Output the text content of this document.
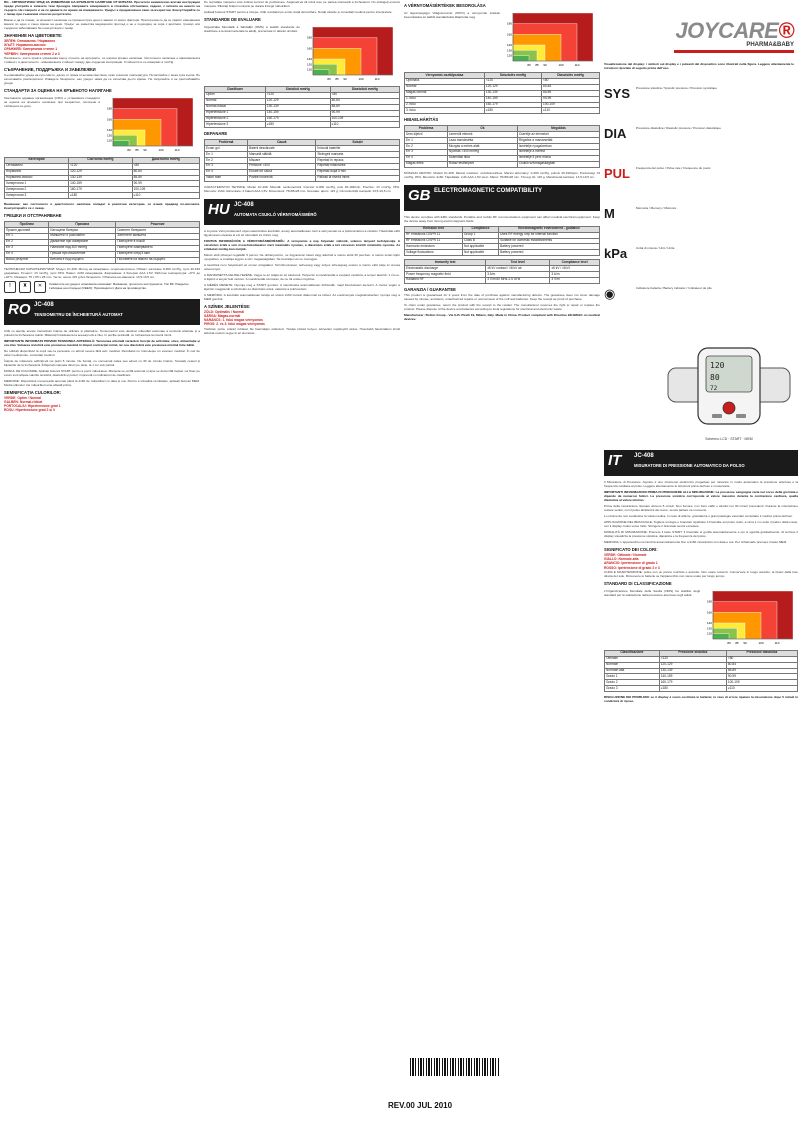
BG - АВТОМАТИЧЕН УРЕД ЗА ИЗМЕРВАНЕ НА КРЪВНОТО НАЛЯГАНЕ ОТ КИТКАТА. Прочетете внимателно всички инструкции преди употреба и запазете тази брошура. Направете измерването в спокойна обстановка, седнал, с китката на нивото на сърцето. Не говорете и не се движете по време на измерването. Уредът е предназначен само за възрастни. Консултирайте се с лекар при съмнения относно резултатите.

Важно е да се помни, че кръвното налягане се променя през деня и зависи от много фактори. Препоръчва се да се правят измервания винаги по едно и също време на деня. Уредът не замества медицински преглед и не е подходящ за хора с аритмия, тремор или сърдечни заболявания без консултация с лекар.

ЗНАЧЕНИЕ НА ЦВЕТОВЕТЕ:

ЗЕЛЕН: Оптимално / Нормално

ЖЪЛТ: Нормално-високо

ОРАНЖЕВ: Хипертония степен 1

ЧЕРВЕН: Хипертония степен 2 и 3

Налягането, което кръвта упражнява върху стените на артериите, се нарича кръвно налягане. Систолното налягане е максималната стойност, а диастолното - минималната стойност между две сърдечни контракции. Стойностите се измерват в mmHg.

СЪХРАНЕНИЕ, ПОДДРЪЖКА И ЗАБЕЛЕЖКИ

Съхранявайте уреда на сухо място, далеч от пряка слънчева светлина, прах и високи температури. Почиствайте с мека суха кърпа. Не използвайте разтворители. Извадете батериите, ако уредът няма да се използва дълго време. Не изпускайте и не разглобявайте уреда.

СТАНДАРТИ ЗА ОЦЕНКА НА КРЪВНОТО НАЛЯГАНЕ

Световната здравна организация (СЗО) е установила стандарти за оценка на кръвното налягане при възрастни, посочени в таблицата по-долу.

80 85 90	100	110
120
130
140
160
180
Категория	Систолно mmHg	Диастолно mmHg
Оптимално	<120	<80
Нормално	120-129	80-84
Нормално-високо	130-139	85-89
Хипертония 1	140-159	90-99
Хипертония 2	160-179	100-109
Хипертония 3	≥180	≥110

Внимание: ако систолното и диастолното налягане попадат в различни категории, се взема предвид по-високата. Консултирайте се с лекар.

ГРЕШКИ И ОТСТРАНЯВАНЕ
Проблем	Причина	Решение
Празен дисплей	Изтощени батерии	Сменете батериите
Err 1	Маншетът е разхлабен	Затегнете маншета
Err 2	Движение при измерване	Повторете в покой
Err 3	Налягане над 300 mmHg	Повторете измерването
Err 4	Грешка при изчисление	Повторете след 5 мин
Висок резултат	Китката е под сърцето	Поставете на нивото на сърцето

ТЕХНИЧЕСКИ ХАРАКТЕРИСТИКИ: Модел JC-408. Метод на измерване: осцилометричен. Обхват: налягане 0-300 mmHg, пулс 40-199 удара/мин. Точност: ±3 mmHg, пулс ±5%. Памет: 2x60 измервания. Захранване: 2 батерии AAA 1,5V. Работна температура: +5°C до +40°C. Размери: 75 x 65 x 28 mm. Тегло: около 115 g без батериите. Обиколка на маншета: 13,5-19,5 cm.

!	♜	✕	Символите на уреда и опаковката означават: Внимание, прочетете инструкциите; Тип BF; Разделно събиране на отпадъци (ОЕЕО); Производител; Дата на производство.
RO JC-408
TENSIOMETRU DE ÎNCHEIETURĂ AUTOMAT

Citiți cu atenție aceste instrucțiuni înainte de utilizare și păstrați-le. Tensiometrul este destinat măsurării automate a tensiunii arteriale și a pulsului la încheietura mâinii. Măsurați întotdeauna la aceeași oră a zilei, în poziție șezândă, cu încheietura la nivelul inimii.

IMPORTANTE INFORMAȚII PRIVIND TENSIUNEA ARTERIALĂ: Tensiunea arterială variază în funcție de activitate, stres, alimentație și ora zilei. Valoarea sistolică este presiunea maximă în timpul contracției inimii, iar cea diastolică este presiunea minimă între bătăi.

Nu utilizați dispozitivul la copii sau la persoane cu aritmii severe fără aviz medical. Rezultatul nu înlocuiește un examen medical. În caz de valori neobișnuite, consultați medicul.

Înainte de măsurare odihniți-vă cel puțin 5 minute. Nu fumați, nu consumați cafea sau alcool cu 30 de minute înainte. Scoateți ceasul și bijuteriile de la încheietură. Înfășurați manșeta direct pe piele, la 1 cm sub palmă.

MODUL DE FOLOSIRE: Apăsați butonul START pentru a porni măsurarea. Manșeta se umflă automat și apoi se dezumflă treptat. La final, pe ecran sunt afișate valorile sistolică, diastolică și pulsul, împreună cu indicatorul de clasificare.

MEMORIE: Dispozitivul memorează automat până la 2x60 de măsurători cu data și ora. Pentru a vizualiza rezultatele, apăsați butonul MEM. Media ultimelor trei măsurători este afișată prima.

SEMNIFICAȚIA CULORILOR:

VERDE: Optim / Normal

GALBEN: Normal-ridicat

PORTOCALIU: Hipertensiune grad 1

ROȘU: Hipertensiune grad 2 și 3

Pe suprafața manșetei este indicat semnul de poziționare. Asigurați-vă că tubul iese pe partea interioară a încheieturii. Nu strângeți excesiv manșeta. Păstrați brațul nemișcat pe durata întregii măsurători.

Apăsați butonul START pentru a începe. Citiți rezultatul pe ecran după dezumflare. Notați valorile și consultați medicul pentru interpretare.

STANDARDE DE EVALUARE

Organizația Mondială a Sănătății (OMS) a stabilit standarde de clasificare a tensiunii arteriale la adulți, prezentate în tabelul următor.

80 85 90	100	110
120
130
140
160
180
Clasificare	Sistolică mmHg	Diastolică mmHg
Optim	<120	<80
Normal	120-129	80-84
Normal-ridicat	130-139	85-89
Hipertensiune 1	140-159	90-99
Hipertensiune 2	160-179	100-109
Hipertensiune 3	≥180	≥110
DEPANARE
Problemă	Cauză	Soluție
Ecran gol	Baterii descărcate	Înlocuiți bateriile
Err 1	Manșetă slăbită	Strângeți manșeta
Err 2	Mișcare	Repetați în repaus
Err 3	Presiune >300	Repetați măsurarea
Err 4	Eroare de calcul	Repetați după 5 min
Valori mari	Poziție incorectă	Ridicați la nivelul inimii

CARACTERISTICI TEHNICE: Model JC-408. Metodă: oscilometrică. Interval: 0-300 mmHg, puls 40-199/min. Precizie: ±3 mmHg, ±5%. Memorie: 2x60. Alimentare: 2 baterii AAA 1,5V. Dimensiuni: 75x65x28 mm. Greutate: aprox. 115 g. Circumferință manșetă: 13,5-19,5 cm.

HU JC-408
AUTOMATA CSUKLÓ VÉRNYOMÁSMÉRŐ

A Joycare Vérnyomásmérő olyan elektronikus készülék, amely automatikusan méri a vérnyomást és a pulzusszámot a csuklón. Használat előtt figyelmesen olvassa el ezt az útmutatót és őrizze meg.

FONTOS INFORMÁCIÓK A VÉRNYOMÁSMÉRÉSRŐL: A vérnyomás a nap folyamán változik, számos tényező befolyásolja. A szisztolés érték a szív összehúzódásakor mért maximális nyomás, a diasztolés érték a két szívverés közötti minimális nyomás. Az értékeket mmHg-ban mérjük.

Mérés előtt pihenjen legalább 5 percet. Ne dohányozzon, ne fogyasszon kávét vagy alkoholt a mérés előtti 30 percben. A mérés során üljön nyugodtan, a csuklója legyen a szív magasságában. Ne beszéljen és ne mozogjon.

A készülék nem helyettesíti az orvosi vizsgálatot. Szívritmuszavar, terhesség vagy súlyos érbetegség esetén a mérés előtt kérje ki orvosa véleményét.

A MANDZSETTA FELHELYEZÉSE: Vegye le az óráját és az ékszereit. Helyezze a mandzsettát a csupasz csuklóra, a tenyér alatt kb. 1 cm-re. A kijelző a tenyér felé nézzen. A mandzsettát szorosan, de ne túl erősen rögzítse.

A MÉRÉS MENETE: Nyomja meg a START gombot. A mandzsetta automatikusan felfúvódik, majd fokozatosan leereszt. A mérés végén a kijelzőn megjelenik a szisztolés és diasztolés érték, valamint a pulzusszám.

A MEMÓRIA: A készülék automatikusan tárolja az utolsó 2x60 mérést dátummal és idővel. Az eredmények megtekintéséhez nyomja meg a MEM gombot.

A SZÍNEK JELENTÉSE:

ZÖLD: Optimális / Normál

SÁRGA: Magas-normál

NARANCS: 1. fokú magas vérnyomás

PIROS: 2. és 3. fokú magas vérnyomás

Tisztítás: puha, száraz ruhával. Ne használjon oldószert. Tárolja száraz helyen, közvetlen napfénytől védve. Hosszabb használaton kívüli időszak esetén vegye ki az elemeket.

A VÉRNYOMÁSÉRTÉKEK BESOROLÁSA

Az Egészségügyi Világszervezet (WHO) a vérnyomás értékek besorolására az alábbi standardokat állapította meg.

80 85 90	100	110
120
130
140
160
180
Vérnyomás osztályozása	Szisztolés mmHg	Diasztolés mmHg
Optimális	<120	<80
Normál	120-129	80-84
Magas-normál	130-139	85-89
1. fokú	140-159	90-99
2. fokú	160-179	100-109
3. fokú	≥180	≥110
HIBAELHÁRÍTÁS
Probléma	Ok	Megoldás
Üres kijelző	Lemerült elemek	Cserélje az elemeket
Err 1	Laza mandzsetta	Rögzítse a mandzsettát
Err 2	Mozgás a mérés alatt	Ismételje nyugalomban
Err 3	Nyomás >300 mmHg	Ismételje a mérést
Err 4	Számítási hiba	Ismételje 5 perc múlva
Magas érték	Rossz testhelyzet	Csukló szívmagasságban

MŰSZAKI ADATOK: Modell JC-408. Mérési módszer: oszcillometrikus. Mérési tartomány: 0-300 mmHg, pulzus 40-199/perc. Pontosság: ±3 mmHg, ±5%. Memória: 2x60. Tápellátás: 2 db AAA 1,5V elem. Méret: 75x65x28 mm. Tömeg: kb. 115 g. Mandzsetta kerülete: 13,5-19,5 cm.

GB ELECTROMAGNETIC COMPATIBILITY

This device complies with EMC standards. Portable and mobile RF communications equipment can affect medical electrical equipment. Keep the device away from strong electromagnetic fields.

Emission test	Compliance	Electromagnetic environment - guidance
RF emissions CISPR 11	Group 1	Uses RF energy only for internal function
RF emissions CISPR 11	Class B	Suitable for domestic establishments
Harmonic emissions	Not applicable	Battery powered
Voltage fluctuations	Not applicable	Battery powered
Immunity test	Test level	Compliance level
Electrostatic discharge	±6 kV contact / ±8 kV air	±6 kV / ±8 kV
Power frequency magnetic field	3 A/m	3 A/m
Radiated RF	3 V/m 80 MHz-2.5 GHz	3 V/m
GARANZIA / GUARANTEE

This product is guaranteed for 2 years from the date of purchase against manufacturing defects. The guarantee does not cover damage caused by misuse, accidents, unauthorized repairs or normal wear of the cuff and batteries. Keep the receipt as proof of purchase.

To claim under guarantee, return the product with the receipt to the retailer. The manufacturer reserves the right to repair or replace the product. Please dispose of the device and batteries according to local regulations for electrical and electronic waste.

Manufacturer: Bolton Group - Via G.B. Pirelli 19, Milano, Italy. Made in China. Product compliant with Directive 93/42/EEC on medical devices.

JOYCARE®
PHARMA&BABY

Visualizzazione del display: i simboli sul display e i pulsanti del dispositivo sono illustrati nella figura. Leggere attentamente le istruzioni riportate di seguito prima dell'uso.

SYS Pressione sistolica / Systolic pressure / Pression systolique

DIA	Pressione diastolica / Diastolic pressure / Pression diastolique

PUL Frequenza del polso / Pulse rate / Fréquence du pouls

M	Memoria / Memory / Mémoire

kPa	Unità di misura / Unit / Unité

◉	Indicatore batteria / Battery indicator / Indicateur de pile

120
80
72

Schermo LCD · START · MEM

IT JC-408
MISURATORE DI PRESSIONE AUTOMATICO DA POLSO

Il Misuratore di Pressione Joycare è uno strumento elettronico progettato per misurare in modo automatico la pressione arteriosa e la frequenza cardiaca al polso. Leggere attentamente le istruzioni prima dell'uso e conservarle.

IMPORTANTI INFORMAZIONI PRIMA DI PROCEDERE ALLA MISURAZIONE: La pressione sanguigna varia nel corso della giornata e dipende da numerosi fattori. La pressione sistolica corrisponde al valore massimo durante la contrazione cardiaca, quella diastolica al valore minimo.

Prima della misurazione riposare almeno 5 minuti. Non fumare, non bere caffè o alcolici nei 30 minuti precedenti. Durante la misurazione restare seduti, con il polso all'altezza del cuore, senza parlare né muoversi.

Lo strumento non sostituisce la visita medica. In caso di aritmie, gravidanza o gravi patologie vascolari consultare il medico prima dell'uso.

APPLICAZIONE DEL BRACCIALE: Togliere orologio e bracciali. Applicare il bracciale sul polso nudo, a circa 1 cm sotto il palmo della mano, con il display rivolto verso l'alto. Stringere il bracciale senza eccedere.

MODALITÀ DI MISURAZIONE: Premere il tasto START. Il bracciale si gonfia automaticamente e poi si sgonfia gradualmente. Al termine il display visualizza la pressione sistolica, diastolica e la frequenza del polso.

MEMORIA: L'apparecchio memorizza automaticamente fino a 2x60 misurazioni con data e ora. Per richiamarle premere il tasto MEM.

SIGNIFICATO DEI COLORI:

VERDE: Ottimale / Normale

GIALLO: Normale-alta

ARANCIO: Ipertensione di grado 1

ROSSO: Ipertensione di grado 2 e 3

CURA E MANUTENZIONE: pulire con un panno morbido e asciutto. Non usare solventi. Conservare in luogo asciutto, al riparo dalla luce diretta del sole. Rimuovere le batterie se l'apparecchio non viene usato per lungo tempo.

STANDARD DI CLASSIFICAZIONE

L'Organizzazione Mondiale della Sanità (OMS) ha stabilito degli standard per la valutazione della pressione arteriosa negli adulti.

80 85 90	100	110
120
130
140
160
180
Classificazione	Pressione sistolica	Pressione diastolica
Ottimale	<120	<80
Normale	120-129	80-84
Normale-alta	130-139	85-89
Grado 1	140-159	90-99
Grado 2	160-179	100-109
Grado 3	≥180	≥110

RISOLUZIONE DEI PROBLEMI: se il display è vuoto sostituire le batterie; in caso di errore ripetere la misurazione dopo 5 minuti in condizioni di riposo.

REV.00 JUL 2010
